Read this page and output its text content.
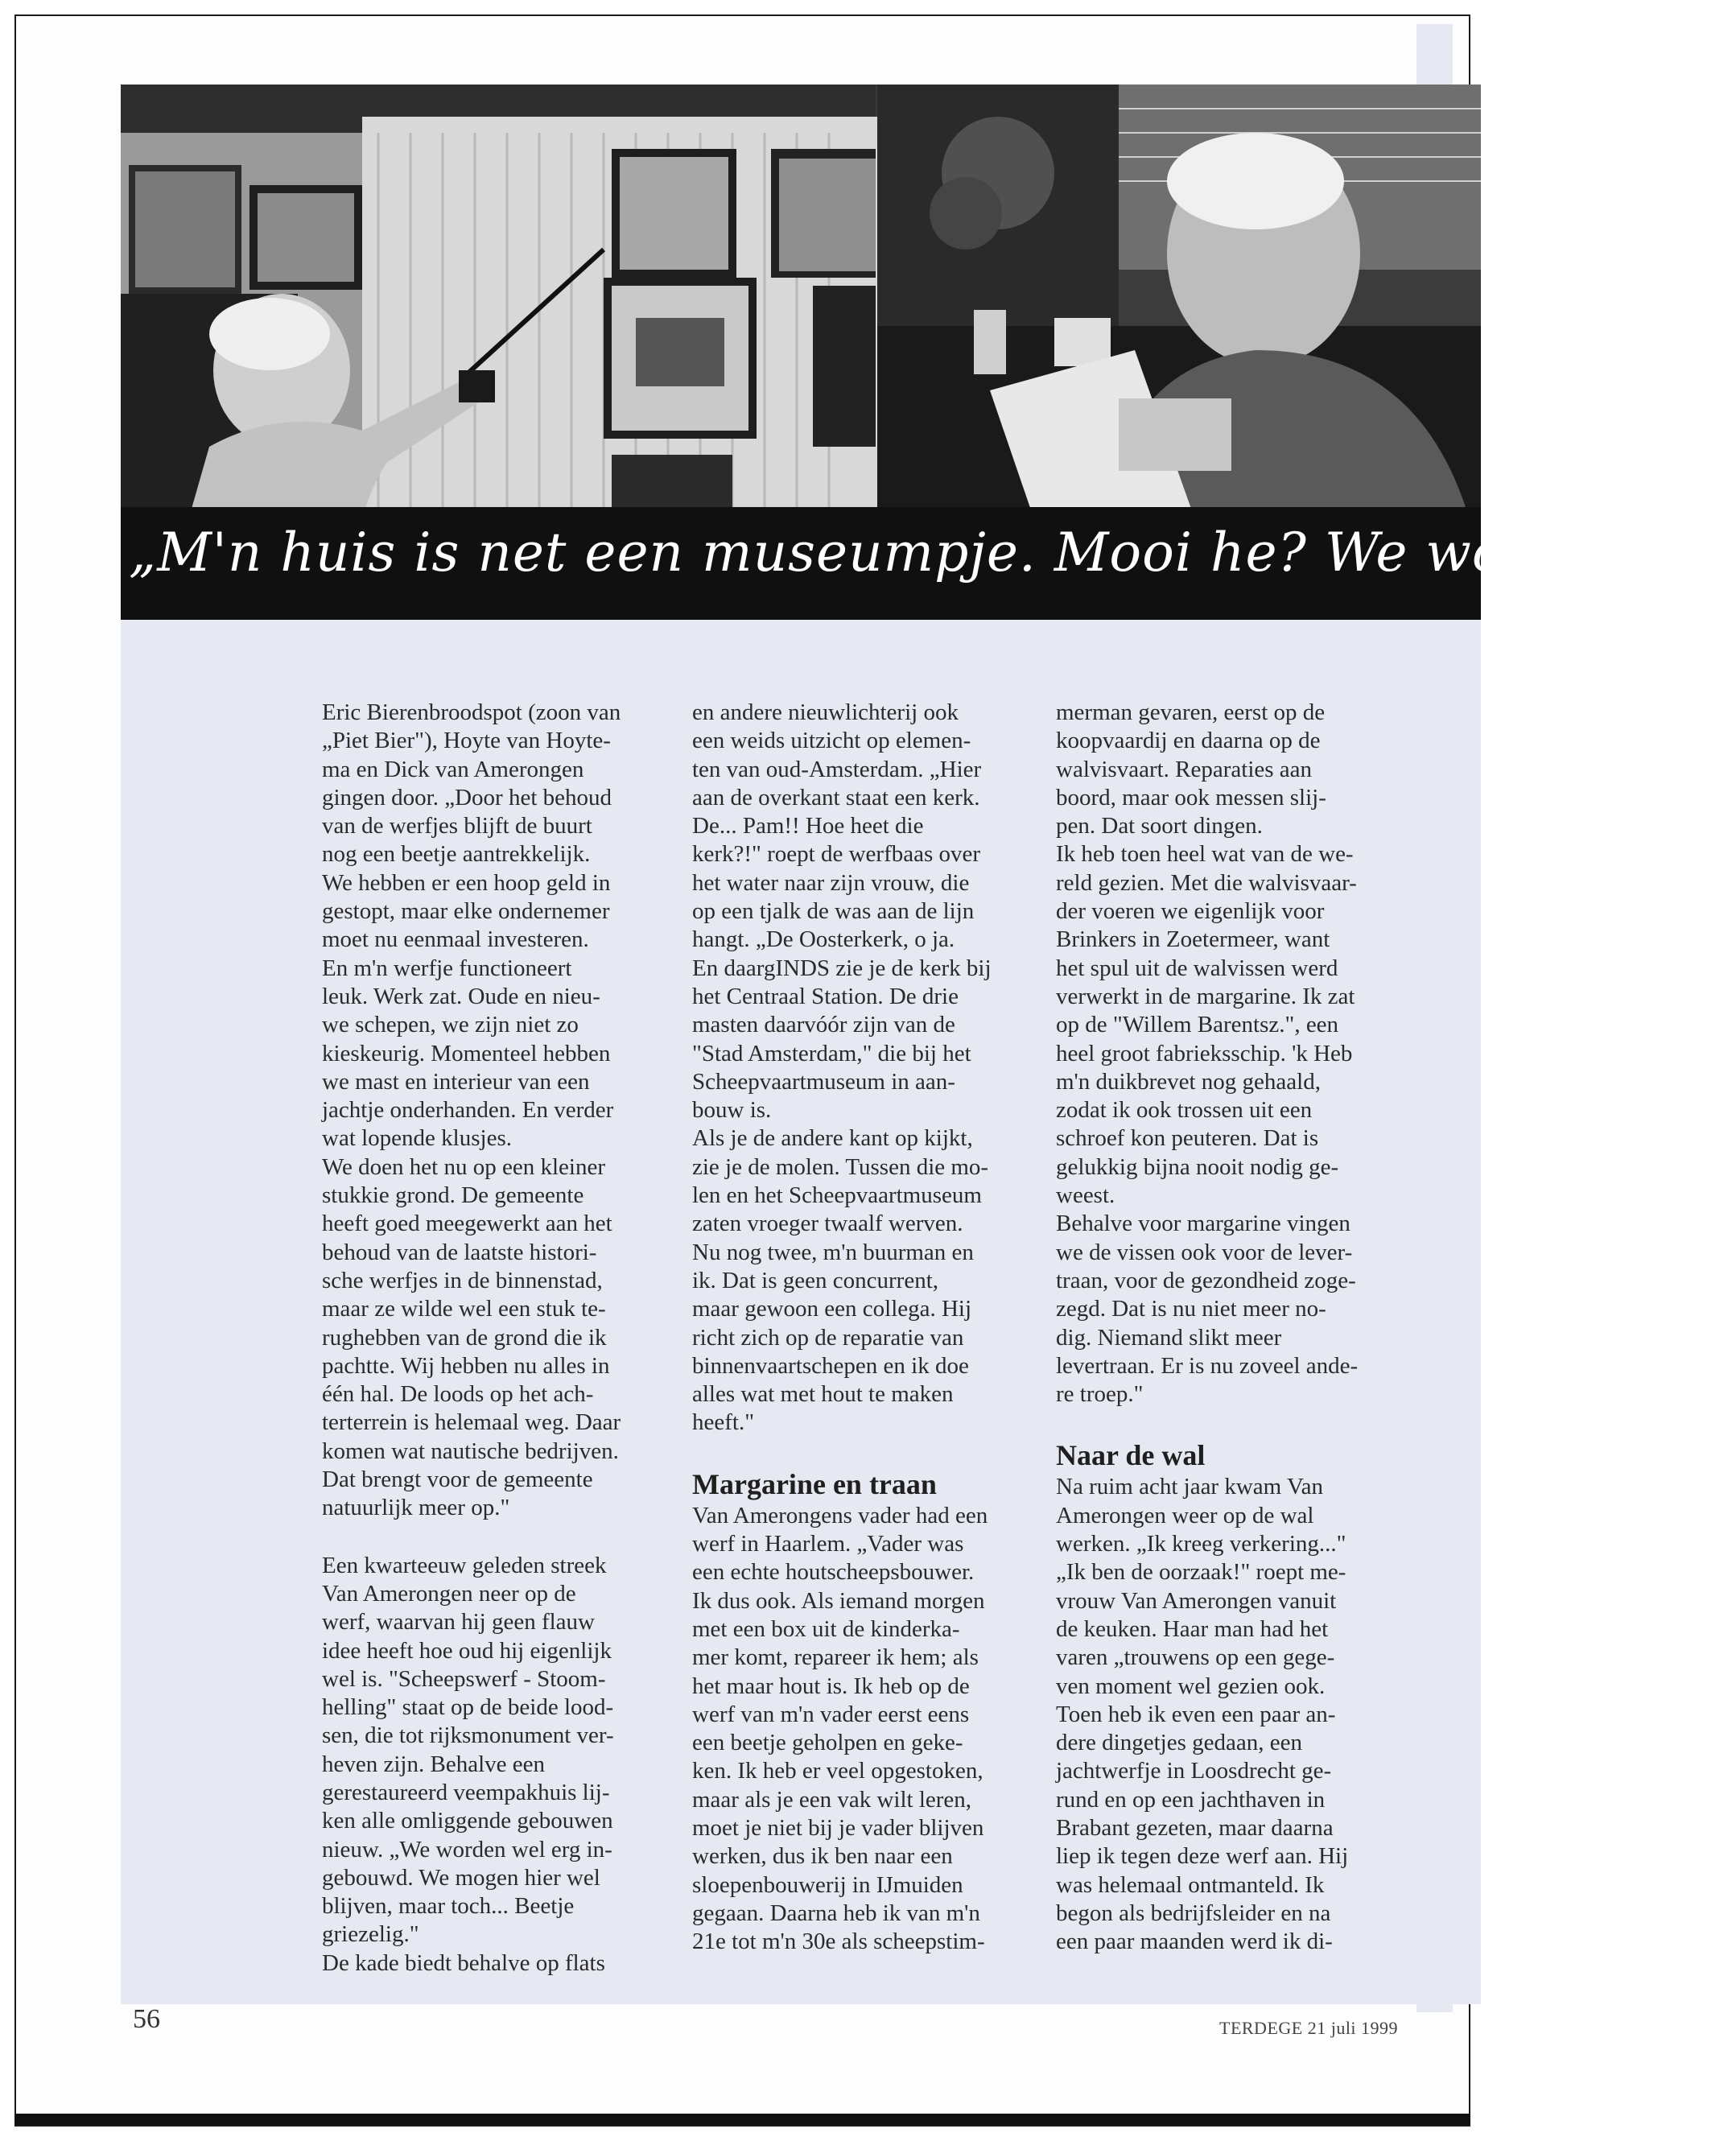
„M'n huis is net een museumpje. Mooi he? We wonen hier

Eric Bierenbroodspot (zoon van
„Piet Bier"), Hoyte van Hoyte-
ma en Dick van Amerongen
gingen door. „Door het behoud
van de werfjes blijft de buurt
nog een beetje aantrekkelijk.
We hebben er een hoop geld in
gestopt, maar elke ondernemer
moet nu eenmaal investeren.
En m'n werfje functioneert
leuk. Werk zat. Oude en nieu-
we schepen, we zijn niet zo
kieskeurig. Momenteel hebben
we mast en interieur van een
jachtje onderhanden. En verder
wat lopende klusjes.
We doen het nu op een kleiner
stukkie grond. De gemeente
heeft goed meegewerkt aan het
behoud van de laatste histori-
sche werfjes in de binnenstad,
maar ze wilde wel een stuk te-
rughebben van de grond die ik
pachtte. Wij hebben nu alles in
één hal. De loods op het ach-
terterrein is helemaal weg. Daar
komen wat nautische bedrijven.
Dat brengt voor de gemeente
natuurlijk meer op."

Een kwarteeuw geleden streek
Van Amerongen neer op de
werf, waarvan hij geen flauw
idee heeft hoe oud hij eigenlijk
wel is. "Scheepswerf - Stoom-
helling" staat op de beide lood-
sen, die tot rijksmonument ver-
heven zijn. Behalve een
gerestaureerd veempakhuis lij-
ken alle omliggende gebouwen
nieuw. „We worden wel erg in-
gebouwd. We mogen hier wel
blijven, maar toch... Beetje
griezelig."
De kade biedt behalve op flats

en andere nieuwlichterij ook
een weids uitzicht op elemen-
ten van oud-Amsterdam. „Hier
aan de overkant staat een kerk.
De... Pam!! Hoe heet die
kerk?!" roept de werfbaas over
het water naar zijn vrouw, die
op een tjalk de was aan de lijn
hangt. „De Oosterkerk, o ja.
En daargINDS zie je de kerk bij
het Centraal Station. De drie
masten daarvóór zijn van de
"Stad Amsterdam," die bij het
Scheepvaartmuseum in aan-
bouw is.
Als je de andere kant op kijkt,
zie je de molen. Tussen die mo-
len en het Scheepvaartmuseum
zaten vroeger twaalf werven.
Nu nog twee, m'n buurman en
ik. Dat is geen concurrent,
maar gewoon een collega. Hij
richt zich op de reparatie van
binnenvaartschepen en ik doe
alles wat met hout te maken
heeft."

Margarine en traan

Van Amerongens vader had een
werf in Haarlem. „Vader was
een echte houtscheepsbouwer.
Ik dus ook. Als iemand morgen
met een box uit de kinderka-
mer komt, repareer ik hem; als
het maar hout is. Ik heb op de
werf van m'n vader eerst eens
een beetje geholpen en geke-
ken. Ik heb er veel opgestoken,
maar als je een vak wilt leren,
moet je niet bij je vader blijven
werken, dus ik ben naar een
sloepenbouwerij in IJmuiden
gegaan. Daarna heb ik van m'n
21e tot m'n 30e als scheepstim-

merman gevaren, eerst op de
koopvaardij en daarna op de
walvisvaart. Reparaties aan
boord, maar ook messen slij-
pen. Dat soort dingen.
Ik heb toen heel wat van de we-
reld gezien. Met die walvisvaar-
der voeren we eigenlijk voor
Brinkers in Zoetermeer, want
het spul uit de walvissen werd
verwerkt in de margarine. Ik zat
op de "Willem Barentsz.", een
heel groot fabrieksschip. 'k Heb
m'n duikbrevet nog gehaald,
zodat ik ook trossen uit een
schroef kon peuteren. Dat is
gelukkig bijna nooit nodig ge-
weest.
Behalve voor margarine vingen
we de vissen ook voor de lever-
traan, voor de gezondheid zoge-
zegd. Dat is nu niet meer no-
dig. Niemand slikt meer
levertraan. Er is nu zoveel ande-
re troep."

Naar de wal

Na ruim acht jaar kwam Van
Amerongen weer op de wal
werken. „Ik kreeg verkering..."
„Ik ben de oorzaak!" roept me-
vrouw Van Amerongen vanuit
de keuken. Haar man had het
varen „trouwens op een gege-
ven moment wel gezien ook.
Toen heb ik even een paar an-
dere dingetjes gedaan, een
jachtwerfje in Loosdrecht ge-
rund en op een jachthaven in
Brabant gezeten, maar daarna
liep ik tegen deze werf aan. Hij
was helemaal ontmanteld. Ik
begon als bedrijfsleider en na
een paar maanden werd ik di-

56	TERDEGE 21 juli 1999
